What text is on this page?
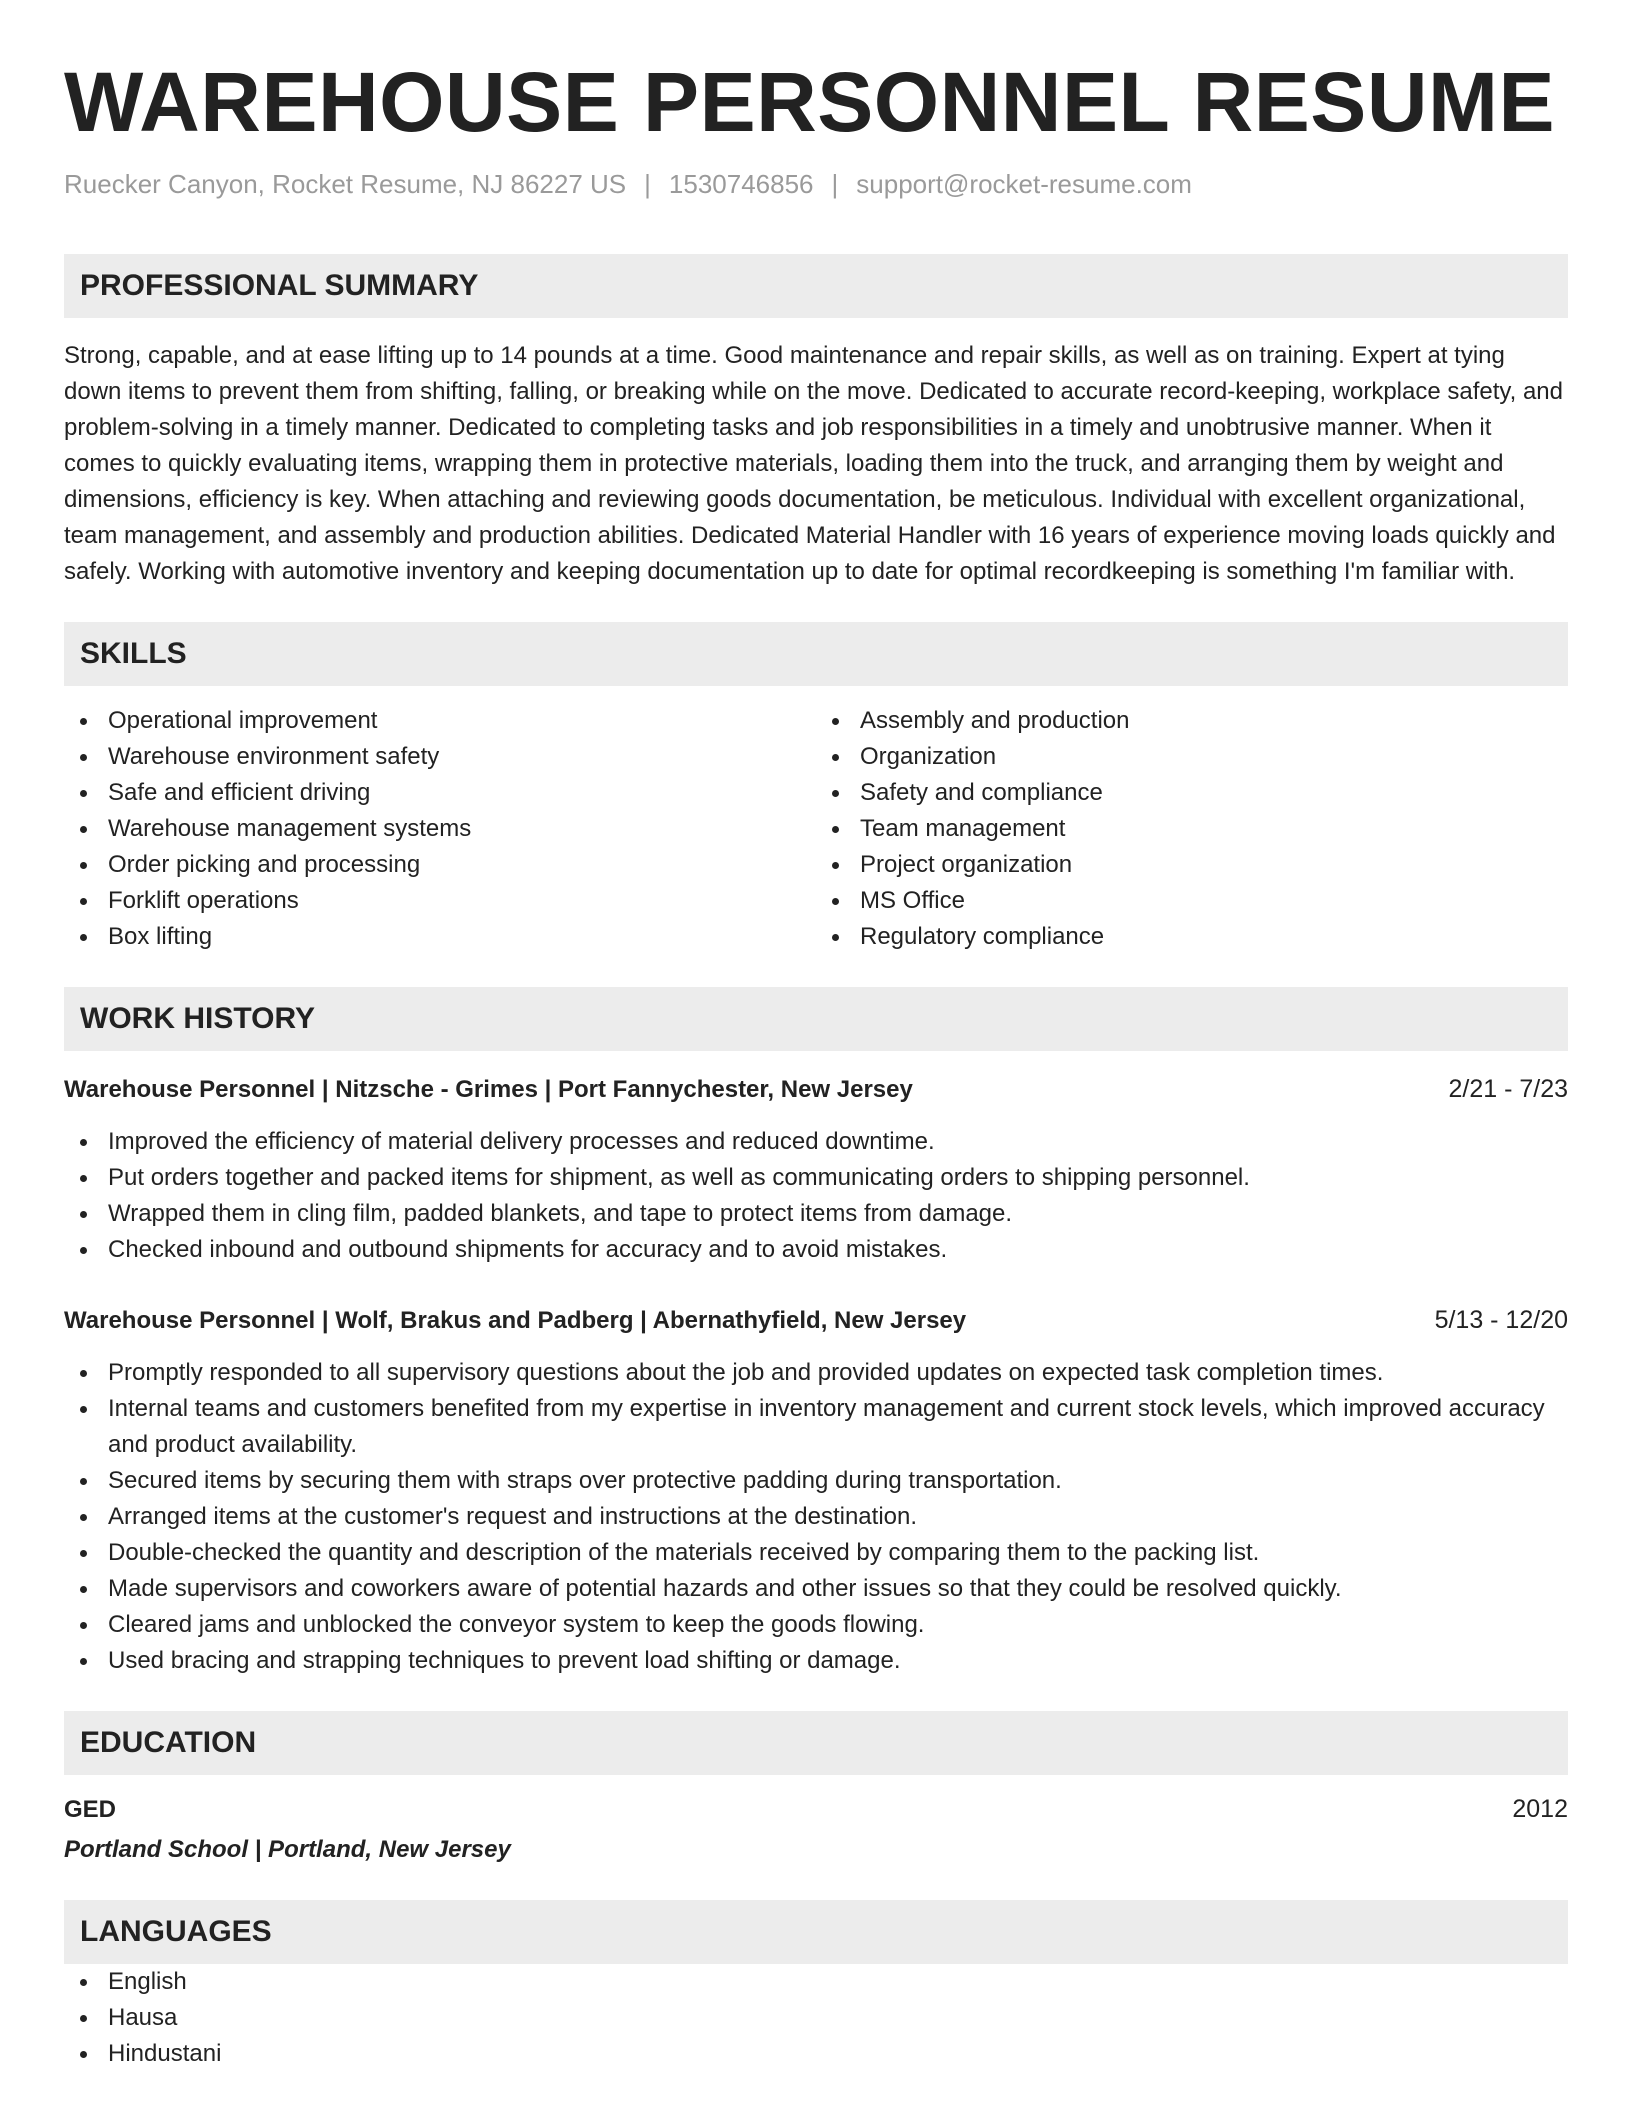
WAREHOUSE PERSONNEL RESUME
Ruecker Canyon, Rocket Resume, NJ 86227 US | 1530746856 | support@rocket-resume.com
PROFESSIONAL SUMMARY

Strong, capable, and at ease lifting up to 14 pounds at a time. Good maintenance and repair skills, as well as on training. Expert at tying down items to prevent them from shifting, falling, or breaking while on the move. Dedicated to accurate record-keeping, workplace safety, and problem-solving in a timely manner. Dedicated to completing tasks and job responsibilities in a timely and unobtrusive manner. When it comes to quickly evaluating items, wrapping them in protective materials, loading them into the truck, and arranging them by weight and dimensions, efficiency is key. When attaching and reviewing goods documentation, be meticulous. Individual with excellent organizational, team management, and assembly and production abilities. Dedicated Material Handler with 16 years of experience moving loads quickly and safely. Working with automotive inventory and keeping documentation up to date for optimal recordkeeping is something I'm familiar with.

SKILLS
Operational improvement
Warehouse environment safety
Safe and efficient driving
Warehouse management systems
Order picking and processing
Forklift operations
Box lifting
Assembly and production
Organization
Safety and compliance
Team management
Project organization
MS Office
Regulatory compliance
WORK HISTORY
Warehouse Personnel | Nitzsche - Grimes | Port Fannychester, New Jersey	2/21 - 7/23
Improved the efficiency of material delivery processes and reduced downtime.
Put orders together and packed items for shipment, as well as communicating orders to shipping personnel.
Wrapped them in cling film, padded blankets, and tape to protect items from damage.
Checked inbound and outbound shipments for accuracy and to avoid mistakes.
Warehouse Personnel | Wolf, Brakus and Padberg | Abernathyfield, New Jersey	5/13 - 12/20
Promptly responded to all supervisory questions about the job and provided updates on expected task completion times.
Internal teams and customers benefited from my expertise in inventory management and current stock levels, which improved accuracy and product availability.
Secured items by securing them with straps over protective padding during transportation.
Arranged items at the customer's request and instructions at the destination.
Double-checked the quantity and description of the materials received by comparing them to the packing list.
Made supervisors and coworkers aware of potential hazards and other issues so that they could be resolved quickly.
Cleared jams and unblocked the conveyor system to keep the goods flowing.
Used bracing and strapping techniques to prevent load shifting or damage.
EDUCATION
GED	2012
Portland School | Portland, New Jersey
LANGUAGES
English
Hausa
Hindustani
